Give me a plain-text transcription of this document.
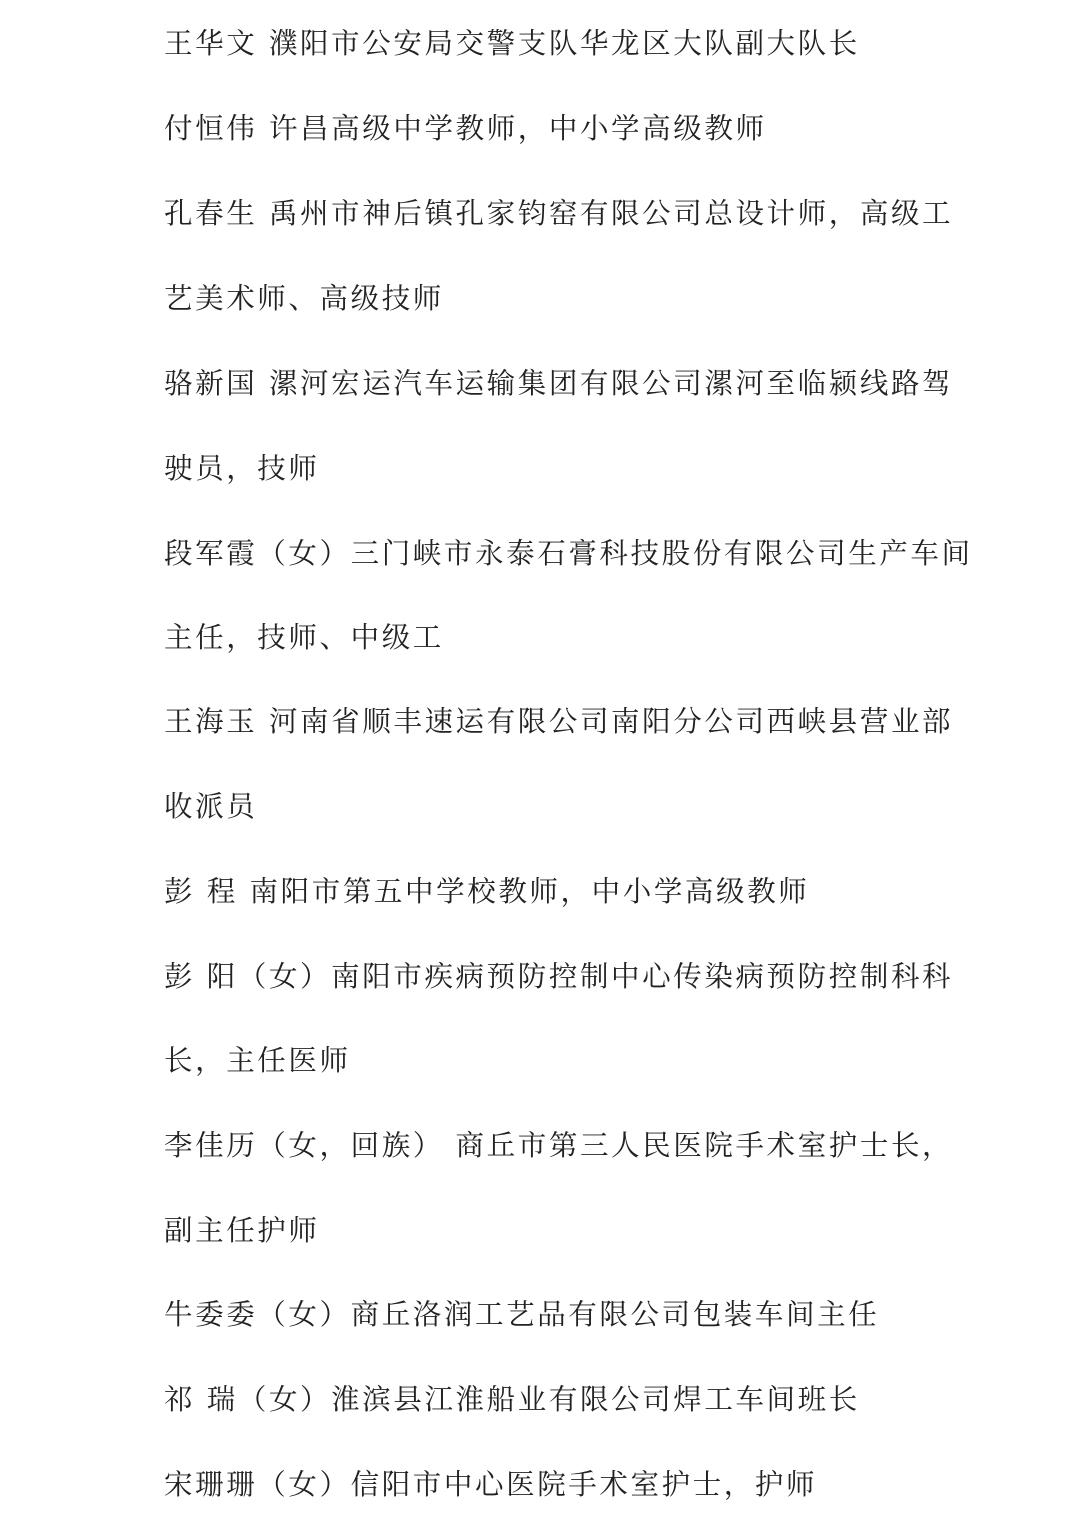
王华文 濮阳市公安局交警支队华龙区大队副大队长
付恒伟 许昌高级中学教师，中小学高级教师
孔春生 禹州市神后镇孔家钧窑有限公司总设计师，高级工
艺美术师、高级技师
骆新国 漯河宏运汽车运输集团有限公司漯河至临颍线路驾
驶员，技师
段军霞（女）三门峡市永泰石膏科技股份有限公司生产车间
主任，技师、中级工
王海玉 河南省顺丰速运有限公司南阳分公司西峡县营业部
收派员
彭 程 南阳市第五中学校教师，中小学高级教师
彭 阳（女）南阳市疾病预防控制中心传染病预防控制科科
长，主任医师
李佳历（女，回族） 商丘市第三人民医院手术室护士长，
副主任护师
牛委委（女）商丘洛润工艺品有限公司包装车间主任
祁 瑞（女）淮滨县江淮船业有限公司焊工车间班长
宋珊珊（女）信阳市中心医院手术室护士，护师
